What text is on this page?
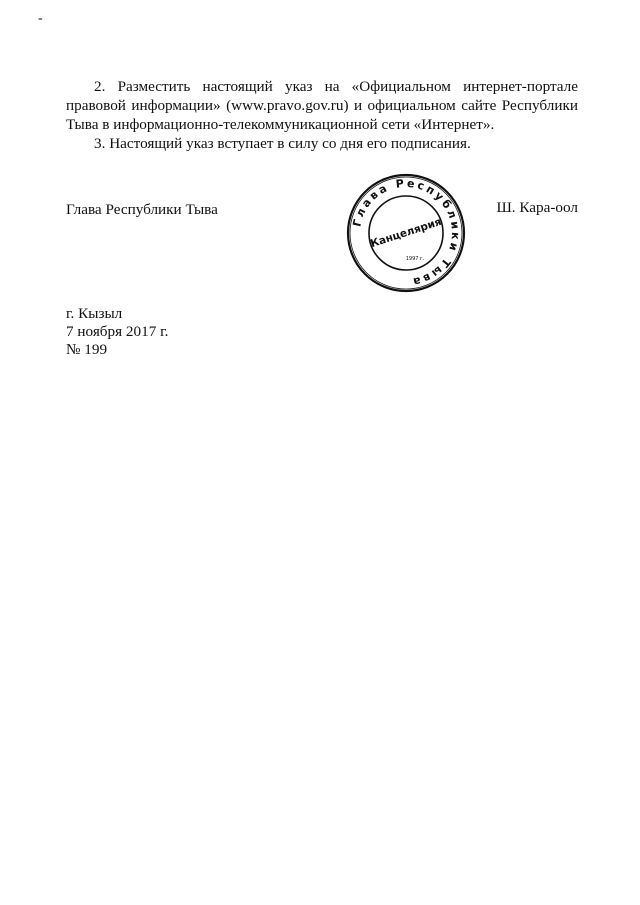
-

2. Разместить настоящий указ на «Официальном интернет-портале правовой информации» (www.pravo.gov.ru) и официальном сайте Республики Тыва в информационно-телекоммуникационной сети «Интернет».

3. Настоящий указ вступает в силу со дня его подписания.

Глава Республики Тыва
Глава Республики Тыва
Канцелярия
1997 г.
Ш. Кара-оол
г. Кызыл
7 ноября 2017 г.
№ 199
